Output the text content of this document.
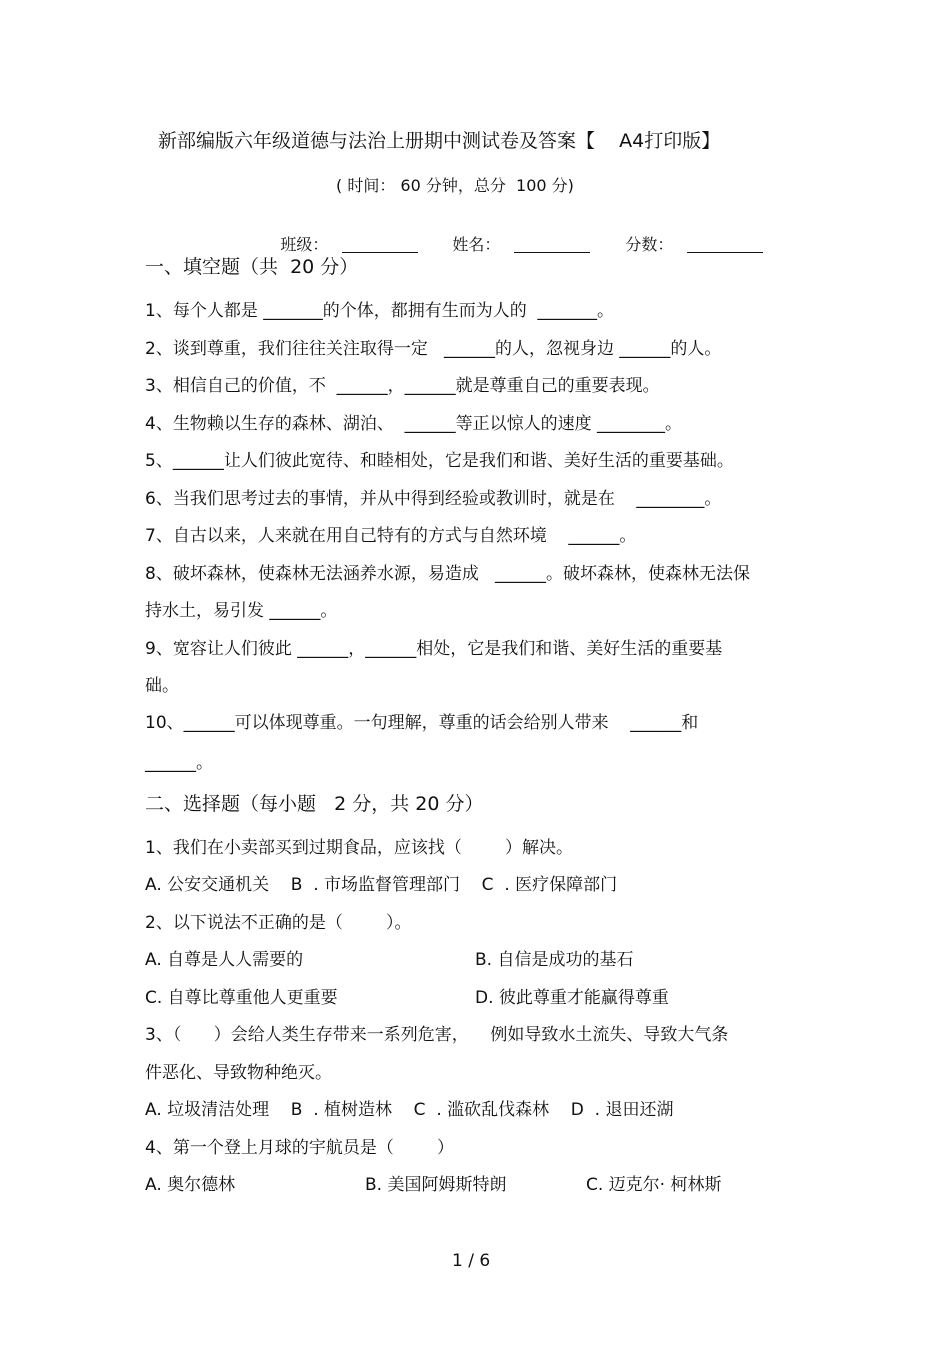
新部编版六年级道德与法治上册期中测试卷及答案【    A4打印版】
( 时间： 60 分钟，总分  100 分)

班级：
	姓名：
	分数：

一、填空题（共  20 分）
1、每个人都是 _______的个体，都拥有生而为人的  _______。
2、谈到尊重，我们往往关注取得一定   ______的人，忽视身边 ______的人。
3、相信自己的价值，不  ______，______就是尊重自己的重要表现。
4、生物赖以生存的森林、湖泊、  ______等正以惊人的速度 ________。
5、______让人们彼此宽待、和睦相处，它是我们和谐、美好生活的重要基础。
6、当我们思考过去的事情，并从中得到经验或教训时，就是在    ________。
7、自古以来，人来就在用自己特有的方式与自然环境    ______。
8、破坏森林，使森林无法涵养水源，易造成   ______。破坏森林，使森林无法保
持水土，易引发 ______。
9、宽容让人们彼此 ______，______相处，它是我们和谐、美好生活的重要基
础。
10、______可以体现尊重。一句理解，尊重的话会给别人带来    ______和
______。
二、选择题（每小题   2 分，共 20 分）
1、我们在小卖部买到过期食品，应该找（        ）解决。
A. 公安交通机关    B  . 市场监督管理部门    C  . 医疗保障部门
2、以下说法不正确的是（        ）。
A. 自尊是人人需要的	B. 自信是成功的基石
C. 自尊比尊重他人更重要	D. 彼此尊重才能赢得尊重
3、（      ）会给人类生存带来一系列危害，    例如导致水土流失、导致大气条
件恶化、导致物种绝灭。
A. 垃圾清洁处理    B  . 植树造林    C  . 滥砍乱伐森林    D  . 退田还湖
4、第一个登上月球的宇航员是（        ）
A. 奥尔德林	B. 美国阿姆斯特朗	C. 迈克尔· 柯林斯
1 / 6
